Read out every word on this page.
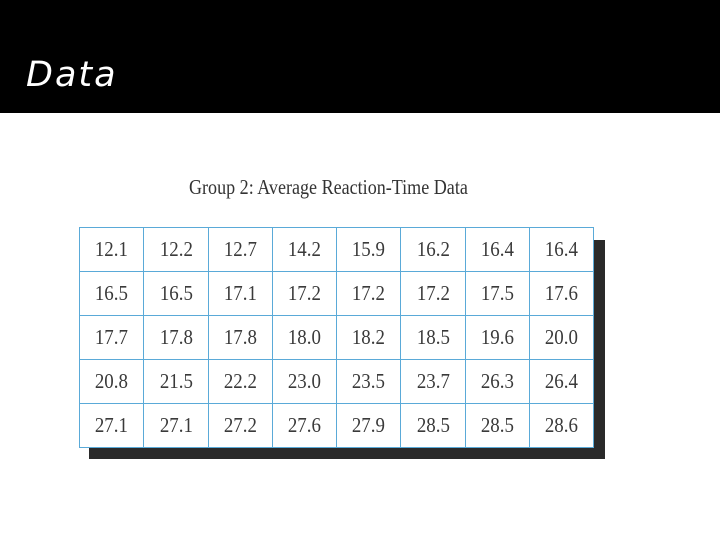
Data
Group 2: Average Reaction-Time Data
12.1	12.2	12.7	14.2	15.9	16.2	16.4	16.4
16.5	16.5	17.1	17.2	17.2	17.2	17.5	17.6
17.7	17.8	17.8	18.0	18.2	18.5	19.6	20.0
20.8	21.5	22.2	23.0	23.5	23.7	26.3	26.4
27.1	27.1	27.2	27.6	27.9	28.5	28.5	28.6
